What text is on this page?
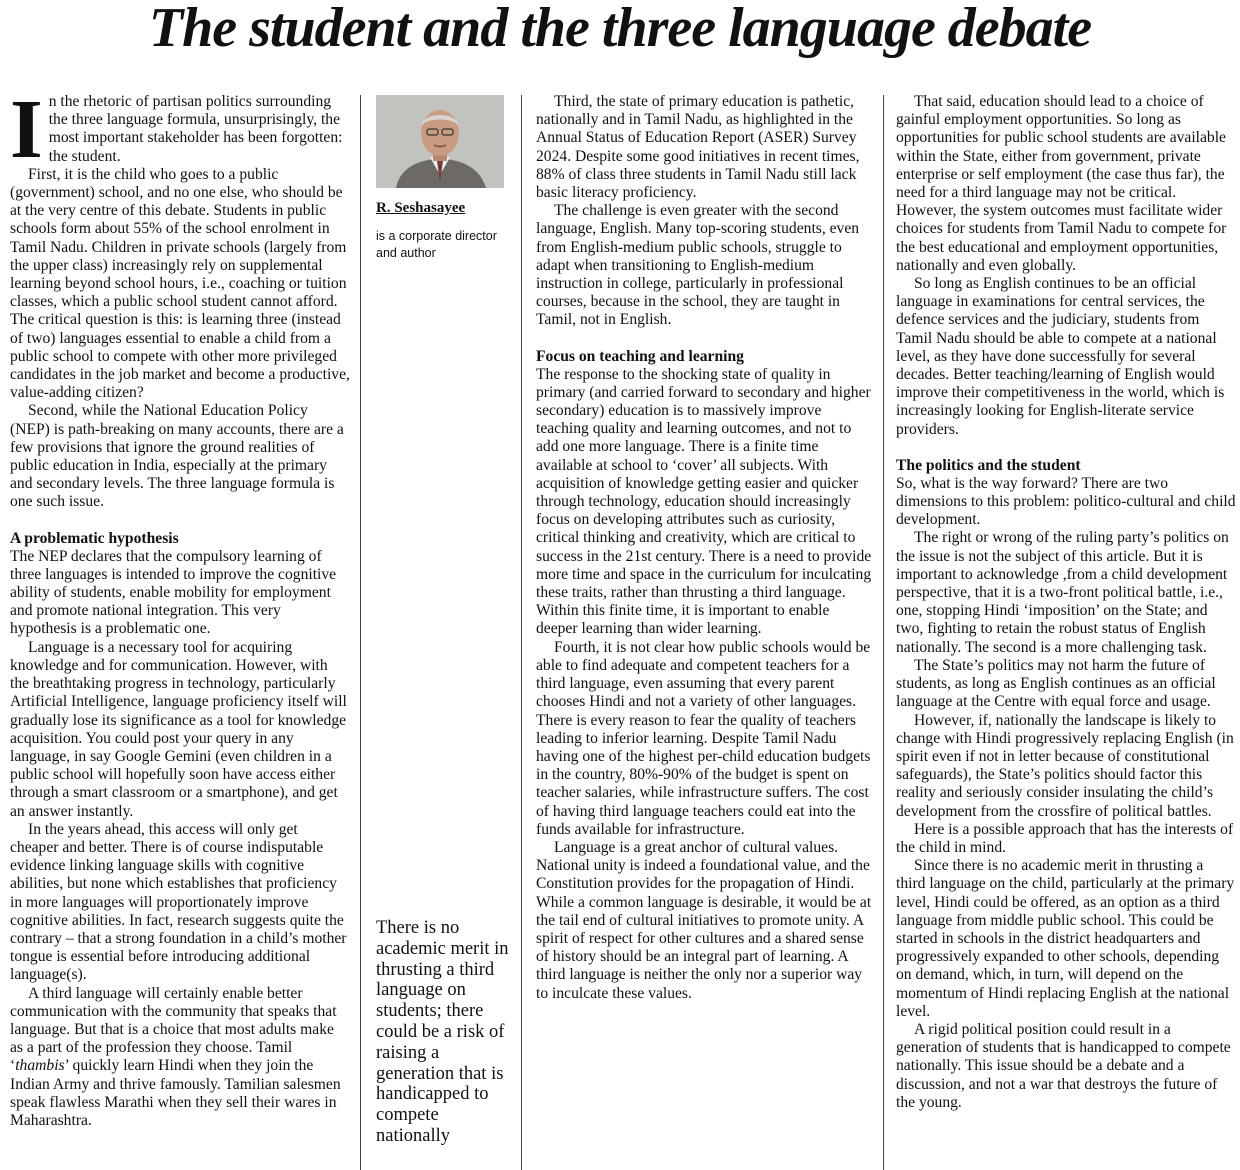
The student and the three language debate

In the rhetoric of partisan politics surrounding the three language formula, unsurprisingly, the most important stakeholder has been forgotten: the student.

First, it is the child who goes to a public (government) school, and no one else, who should be at the very centre of this debate. Students in public schools form about 55% of the school enrolment in Tamil Nadu. Children in private schools (largely from the upper class) increasingly rely on supplemental learning beyond school hours, i.e., coaching or tuition classes, which a public school student cannot afford. The critical question is this: is learning three (instead of two) languages essential to enable a child from a public school to compete with other more privileged candidates in the job market and become a productive, value-adding citizen?

Second, while the National Education Policy (NEP) is path-breaking on many accounts, there are a few provisions that ignore the ground realities of public education in India, especially at the primary and secondary levels. The three language formula is one such issue.

A problematic hypothesis

The NEP declares that the compulsory learning of three languages is intended to improve the cognitive ability of students, enable mobility for employment and promote national integration. This very hypothesis is a problematic one.

Language is a necessary tool for acquiring knowledge and for communication. However, with the breathtaking progress in technology, particularly Artificial Intelligence, language proficiency itself will gradually lose its significance as a tool for knowledge acquisition. You could post your query in any language, in say Google Gemini (even children in a public school will hopefully soon have access either through a smart classroom or a smartphone), and get an answer instantly.

In the years ahead, this access will only get cheaper and better. There is of course indisputable evidence linking language skills with cognitive abilities, but none which establishes that proficiency in more languages will proportionately improve cognitive abilities. In fact, research suggests quite the contrary – that a strong foundation in a child’s mother tongue is essential before introducing additional language(s).

A third language will certainly enable better communication with the community that speaks that language. But that is a choice that most adults make as a part of the profession they choose. Tamil ‘thambis’ quickly learn Hindi when they join the Indian Army and thrive famously. Tamilian salesmen speak flawless Marathi when they sell their wares in Maharashtra.

R. Seshasayee
is a corporate director and author
There is no academic merit in thrusting a third language on students; there could be a risk of raising a generation that is handicapped to compete nationally

Third, the state of primary education is pathetic, nationally and in Tamil Nadu, as highlighted in the Annual Status of Education Report (ASER) Survey 2024. Despite some good initiatives in recent times, 88% of class three students in Tamil Nadu still lack basic literacy proficiency.

The challenge is even greater with the second language, English. Many top-scoring students, even from English-medium public schools, struggle to adapt when transitioning to English-medium instruction in college, particularly in professional courses, because in the school, they are taught in Tamil, not in English.

Focus on teaching and learning

The response to the shocking state of quality in primary (and carried forward to secondary and higher secondary) education is to massively improve teaching quality and learning outcomes, and not to add one more language. There is a finite time available at school to ‘cover’ all subjects. With acquisition of knowledge getting easier and quicker through technology, education should increasingly focus on developing attributes such as curiosity, critical thinking and creativity, which are critical to success in the 21st century. There is a need to provide more time and space in the curriculum for inculcating these traits, rather than thrusting a third language. Within this finite time, it is important to enable deeper learning than wider learning.

Fourth, it is not clear how public schools would be able to find adequate and competent teachers for a third language, even assuming that every parent chooses Hindi and not a variety of other languages. There is every reason to fear the quality of teachers leading to inferior learning. Despite Tamil Nadu having one of the highest per-child education budgets in the country, 80%-90% of the budget is spent on teacher salaries, while infrastructure suffers. The cost of having third language teachers could eat into the funds available for infrastructure.

Language is a great anchor of cultural values. National unity is indeed a foundational value, and the Constitution provides for the propagation of Hindi. While a common language is desirable, it would be at the tail end of cultural initiatives to promote unity. A spirit of respect for other cultures and a shared sense of history should be an integral part of learning. A third language is neither the only nor a superior way to inculcate these values.

That said, education should lead to a choice of gainful employment opportunities. So long as opportunities for public school students are available within the State, either from government, private enterprise or self employment (the case thus far), the need for a third language may not be critical. However, the system outcomes must facilitate wider choices for students from Tamil Nadu to compete for the best educational and employment opportunities, nationally and even globally.

So long as English continues to be an official language in examinations for central services, the defence services and the judiciary, students from Tamil Nadu should be able to compete at a national level, as they have done successfully for several decades. Better teaching/learning of English would improve their competitiveness in the world, which is increasingly looking for English-literate service providers.

The politics and the student

So, what is the way forward? There are two dimensions to this problem: politico-cultural and child development.

The right or wrong of the ruling party’s politics on the issue is not the subject of this article. But it is important to acknowledge ,from a child development perspective, that it is a two-front political battle, i.e., one, stopping Hindi ‘imposition’ on the State; and two, fighting to retain the robust status of English nationally. The second is a more challenging task.

The State’s politics may not harm the future of students, as long as English continues as an official language at the Centre with equal force and usage.

However, if, nationally the landscape is likely to change with Hindi progressively replacing English (in spirit even if not in letter because of constitutional safeguards), the State’s politics should factor this reality and seriously consider insulating the child’s development from the crossfire of political battles.

Here is a possible approach that has the interests of the child in mind.

Since there is no academic merit in thrusting a third language on the child, particularly at the primary level, Hindi could be offered, as an option as a third language from middle public school. This could be started in schools in the district headquarters and progressively expanded to other schools, depending on demand, which, in turn, will depend on the momentum of Hindi replacing English at the national level.

A rigid political position could result in a generation of students that is handicapped to compete nationally. This issue should be a debate and a discussion, and not a war that destroys the future of the young.
